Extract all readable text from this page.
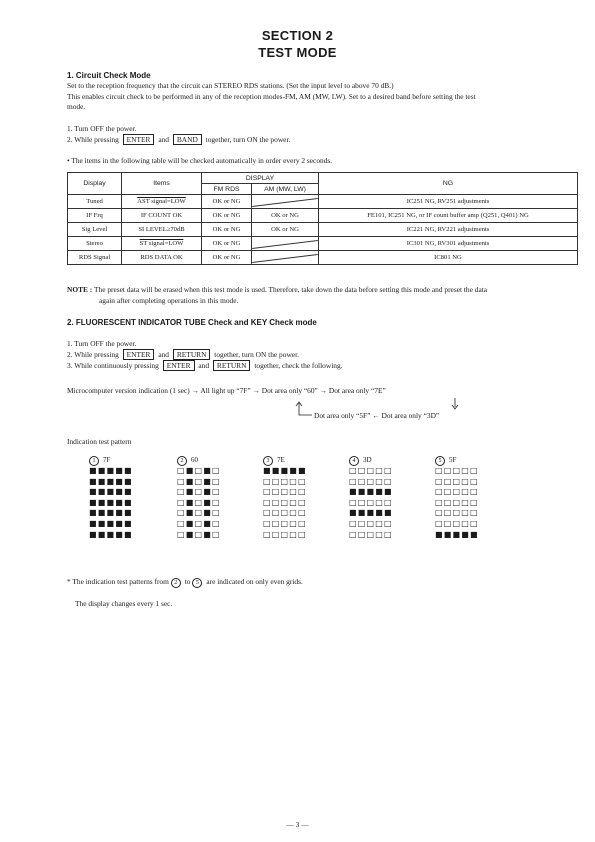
SECTION 2
TEST MODE
1. Circuit Check Mode
Set to the reception frequency that the circuit can STEREO RDS stations. (Set the input level to above 70 dB.)
This enables circuit check to be performed in any of the reception modes-FM, AM (MW, LW). Set to a desired band before setting the test
mode.
1. Turn OFF the power.
2. While pressing ENTER and BAND together, turn ON the power.
• The items in the following table will be checked automatically in order every 2 seconds.
Display	Items	DISPLAY		NG
		FM RDS	AM (MW, LW)	
Tuned	AST signal=LOW	OK or NG		IC251 NG, RV251 adjustments
IF Frq	IF COUNT OK	OK or NG	OK or NG	FE101, IC251 NG, or IF count buffer amp (Q251, Q401) NG
Sig Level	SI LEVEL≥70dB	OK or NG	OK or NG	IC221 NG, RV221 adjustments
Stereo	ST signal=LOW	OK or NG		IC301 NG, RV301 adjustments
RDS Signal	RDS DATA OK	OK or NG		IC801 NG
NOTE : The preset data will be erased when this test mode is used. Therefore, take down the data before setting this mode and preset the data
again after completing operations in this mode.
2. FLUORESCENT INDICATOR TUBE Check and KEY Check mode
1. Turn OFF the power.
2. While pressing ENTER and RETURN together, turn ON the power.
3. While continuously pressing ENTER and RETURN together, check the following.
Microcomputer version indication (1 sec) → All light up “7F” → Dot area only “60” → Dot area only “7E”
Dot area only “5F” ← Dot area only “3D”
Indication test pattern
1 7F
■■■■■
■■■■■
■■■■■
■■■■■
■■■■■
■■■■■
■■■■■
2 60
□■□■□
□■□■□
□■□■□
□■□■□
□■□■□
□■□■□
□■□■□
3 7E
■■■■■
□□□□□
□□□□□
□□□□□
□□□□□
□□□□□
□□□□□
4 3D
□□□□□
□□□□□
■■■■■
□□□□□
■■■■■
□□□□□
□□□□□
5 5F
□□□□□
□□□□□
□□□□□
□□□□□
□□□□□
□□□□□
■■■■■
* The indication test patterns from 2 to 5 are indicated on only even grids.
The display changes every 1 sec.
— 3 —
